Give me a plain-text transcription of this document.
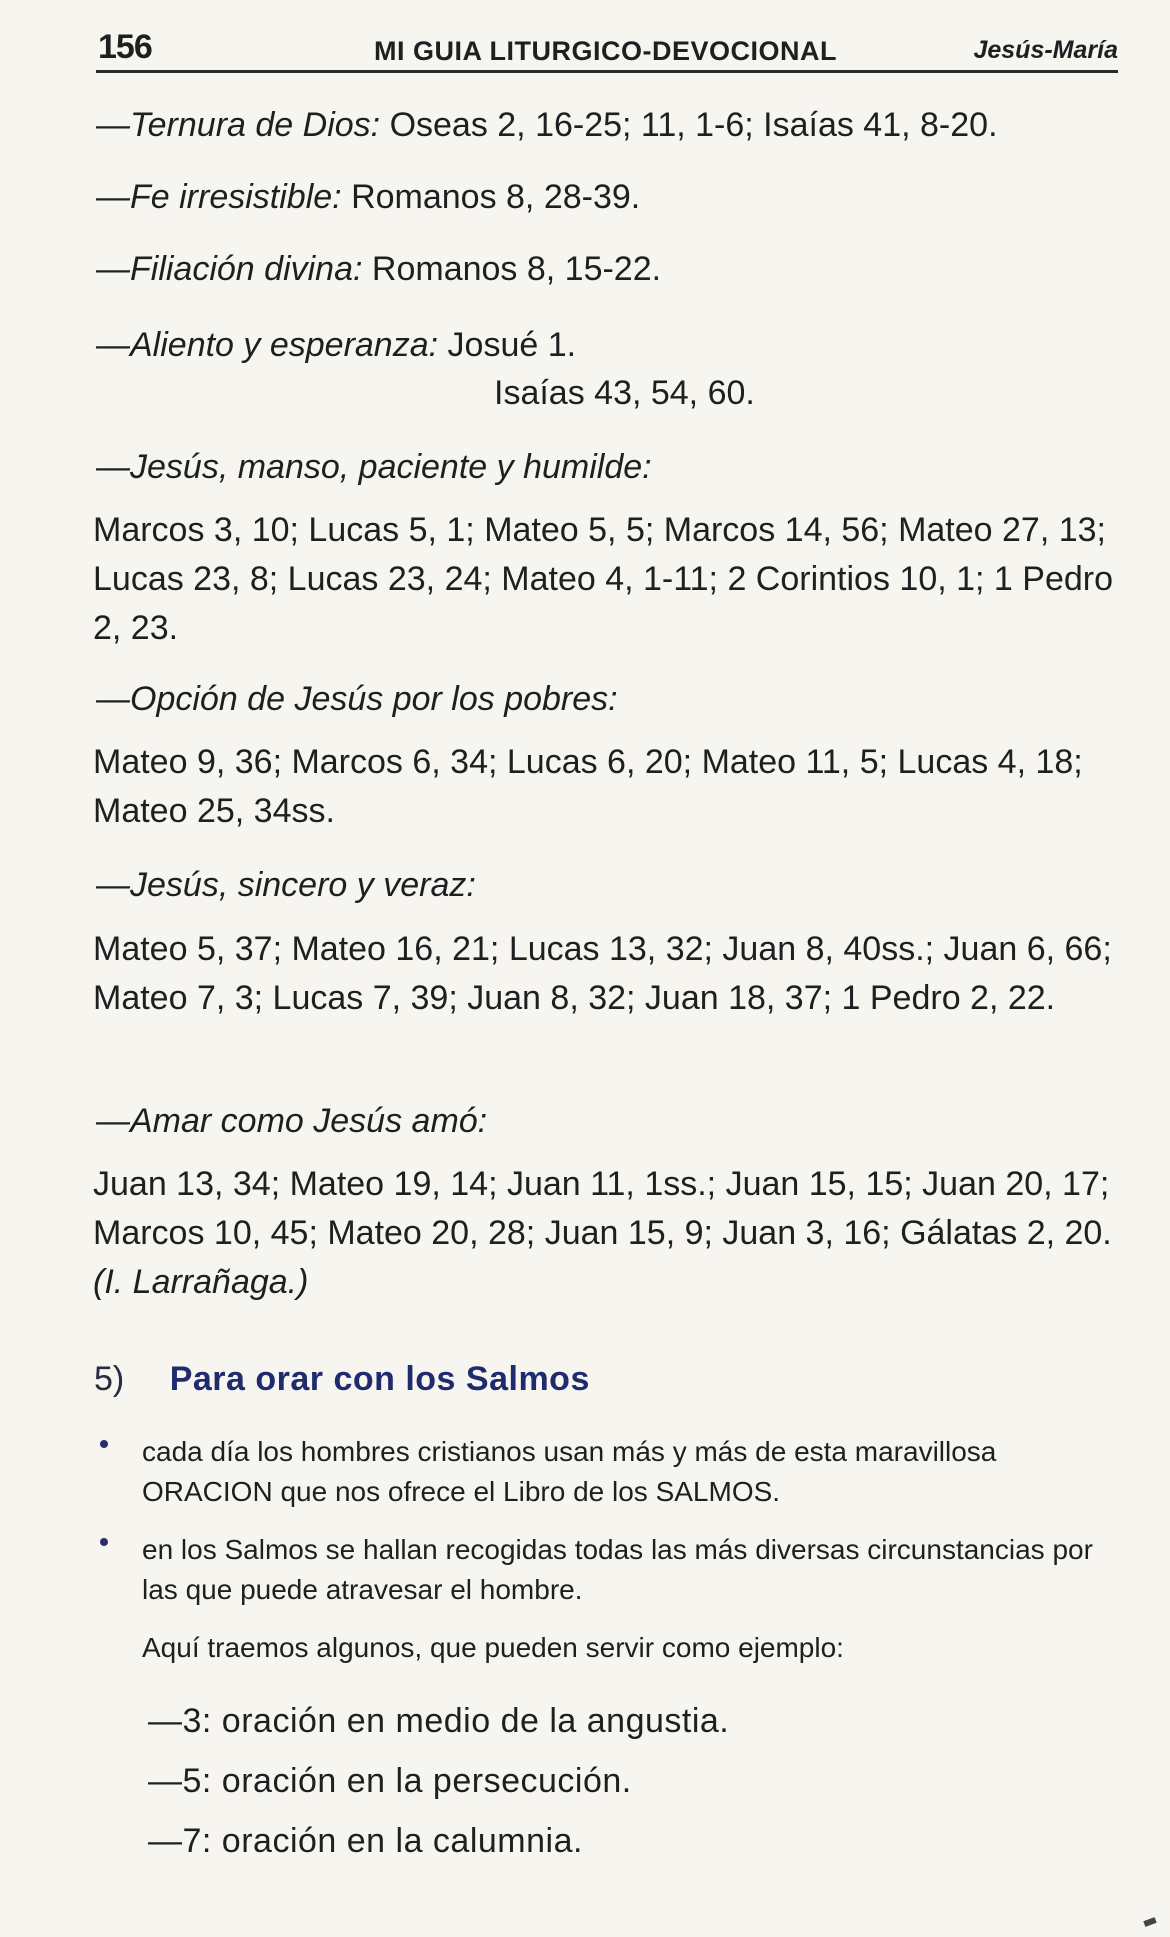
156	MI GUIA LITURGICO-DEVOCIONAL	Jesús-María
—Ternura de Dios: Oseas 2, 16-25; 11, 1-6; Isaías 41, 8-20.
—Fe irresistible: Romanos 8, 28-39.
—Filiación divina: Romanos 8, 15-22.
—Aliento y esperanza: Josué 1.
Isaías 43, 54, 60.
—Jesús, manso, paciente y humilde:
Marcos 3, 10; Lucas 5, 1; Mateo 5, 5; Marcos 14, 56; Mateo 27, 13; Lucas 23, 8; Lucas 23, 24; Mateo 4, 1-11; 2 Corintios 10, 1; 1 Pedro 2, 23.
—Opción de Jesús por los pobres:
Mateo 9, 36; Marcos 6, 34; Lucas 6, 20; Mateo 11, 5; Lucas 4, 18; Mateo 25, 34ss.
—Jesús, sincero y veraz:
Mateo 5, 37; Mateo 16, 21; Lucas 13, 32; Juan 8, 40ss.; Juan 6, 66; Mateo 7, 3; Lucas 7, 39; Juan 8, 32; Juan 18, 37; 1 Pedro 2, 22.
—Amar como Jesús amó:
Juan 13, 34; Mateo 19, 14; Juan 11, 1ss.; Juan 15, 15; Juan 20, 17; Marcos 10, 45; Mateo 20, 28; Juan 15, 9; Juan 3, 16; Gálatas 2, 20. (I. Larrañaga.)
5) Para orar con los Salmos
cada día los hombres cristianos usan más y más de esta maravillosa ORACION que nos ofrece el Libro de los SALMOS.
en los Salmos se hallan recogidas todas las más diversas circunstancias por las que puede atravesar el hombre.
Aquí traemos algunos, que pueden servir como ejemplo:
—3: oración en medio de la angustia.
—5: oración en la persecución.
—7: oración en la calumnia.
